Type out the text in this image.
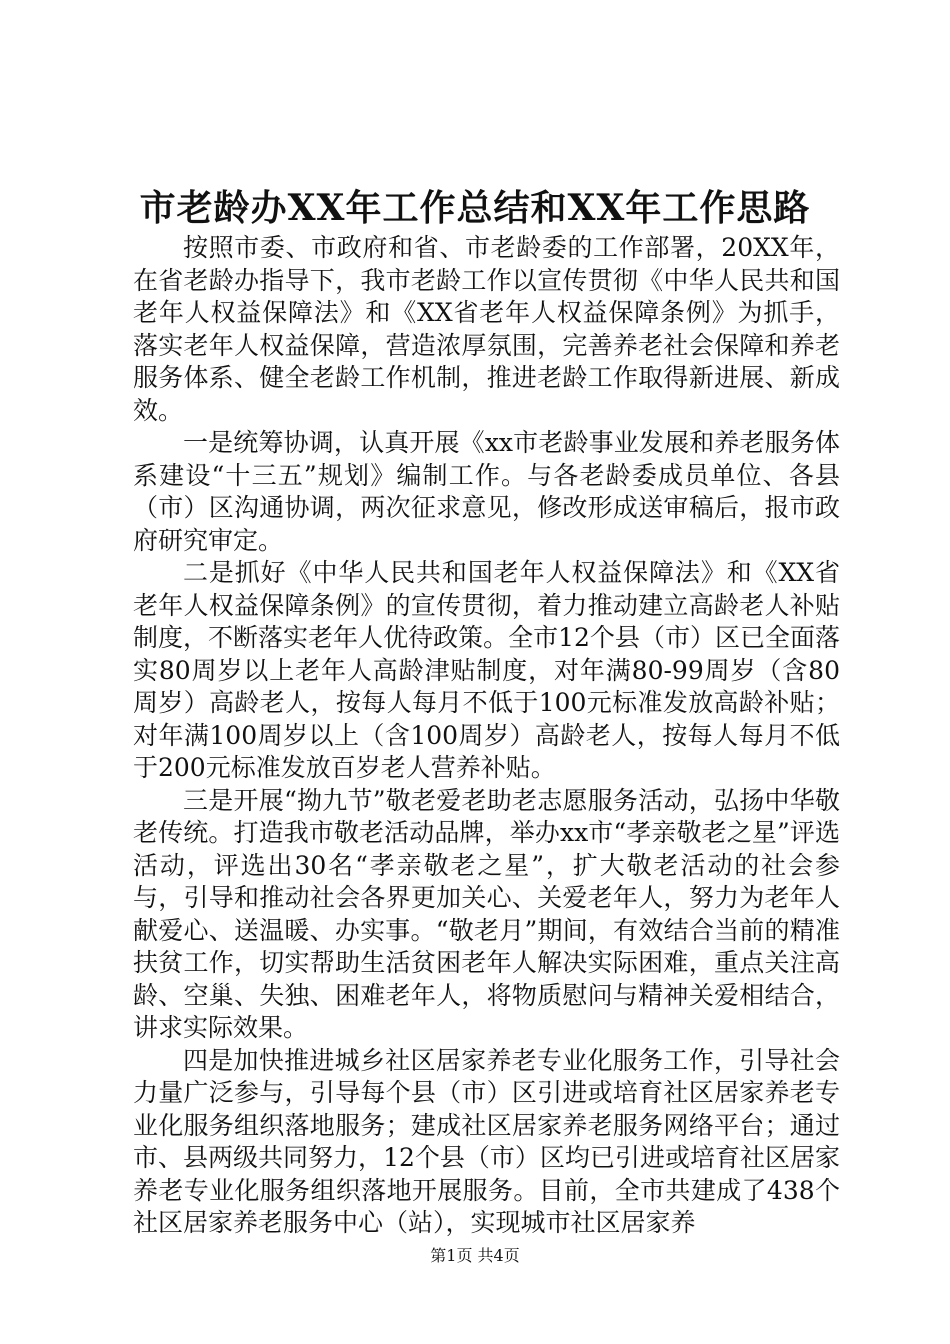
市老龄办XX年工作总结和XX年工作思路

按照市委、市政府和省、市老龄委的工作部署，20XX年，在省老龄办指导下，我市老龄工作以宣传贯彻《中华人民共和国老年人权益保障法》和《XX省老年人权益保障条例》为抓手，落实老年人权益保障，营造浓厚氛围，完善养老社会保障和养老服务体系、健全老龄工作机制，推进老龄工作取得新进展、新成效。

一是统筹协调，认真开展《xx市老龄事业发展和养老服务体系建设“十三五”规划》编制工作。与各老龄委成员单位、各县（市）区沟通协调，两次征求意见，修改形成送审稿后，报市政府研究审定。

二是抓好《中华人民共和国老年人权益保障法》和《XX省老年人权益保障条例》的宣传贯彻，着力推动建立高龄老人补贴制度，不断落实老年人优待政策。全市12个县（市）区已全面落实80周岁以上老年人高龄津贴制度，对年满80-99周岁（含80周岁）高龄老人，按每人每月不低于100元标准发放高龄补贴；对年满100周岁以上（含100周岁）高龄老人，按每人每月不低于200元标准发放百岁老人营养补贴。

三是开展“拗九节”敬老爱老助老志愿服务活动，弘扬中华敬老传统。打造我市敬老活动品牌，举办xx市“孝亲敬老之星”评选活动，评选出30名“孝亲敬老之星”，扩大敬老活动的社会参与，引导和推动社会各界更加关心、关爱老年人，努力为老年人献爱心、送温暖、办实事。“敬老月”期间，有效结合当前的精准扶贫工作，切实帮助生活贫困老年人解决实际困难，重点关注高龄、空巢、失独、困难老年人，将物质慰问与精神关爱相结合，讲求实际效果。

四是加快推进城乡社区居家养老专业化服务工作，引导社会力量广泛参与，引导每个县（市）区引进或培育社区居家养老专业化服务组织落地服务；建成社区居家养老服务网络平台；通过市、县两级共同努力，12个县（市）区均已引进或培育社区居家养老专业化服务组织落地开展服务。目前，全市共建成了438个社区居家养老服务中心（站），实现城市社区居家养

第1页 共4页
